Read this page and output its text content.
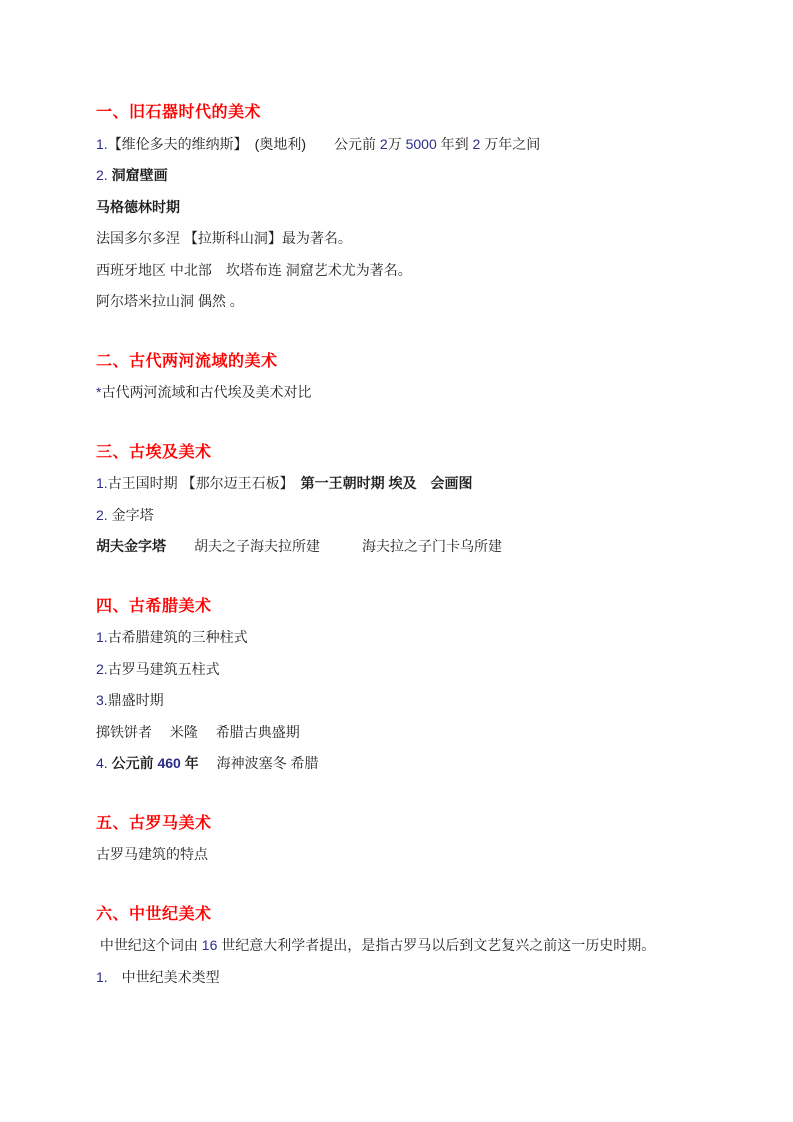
一、旧石器时代的美术

1.【维伦多夫的维纳斯】　(奥地利)　　公元前 2万 5000 年到 2 万年之间

2. 洞窟壁画

马格德林时期

法国多尔多涅 【拉斯科山洞】最为著名。

西班牙地区 中北部　坎塔布连 洞窟艺术尤为著名。

阿尔塔米拉山洞 偶然 。

二、古代两河流域的美术

*古代两河流域和古代埃及美术对比

三、古埃及美术

1.古王国时期 【那尔迈王石板】　第一王朝时期 埃及　会画图

2. 金字塔

胡夫金字塔　　胡夫之子海夫拉所建　　　海夫拉之子门卡乌所建

四、古希腊美术

1.古希腊建筑的三种柱式

2.古罗马建筑五柱式

3.鼎盛时期

掷铁饼者　 米隆　 希腊古典盛期

4. 公元前 460 年　 海神波塞冬 希腊

五、古罗马美术

古罗马建筑的特点

六、中世纪美术

中世纪这个词由 16 世纪意大利学者提出，是指古罗马以后到文艺复兴之前这一历史时期。

1.　中世纪美术类型
